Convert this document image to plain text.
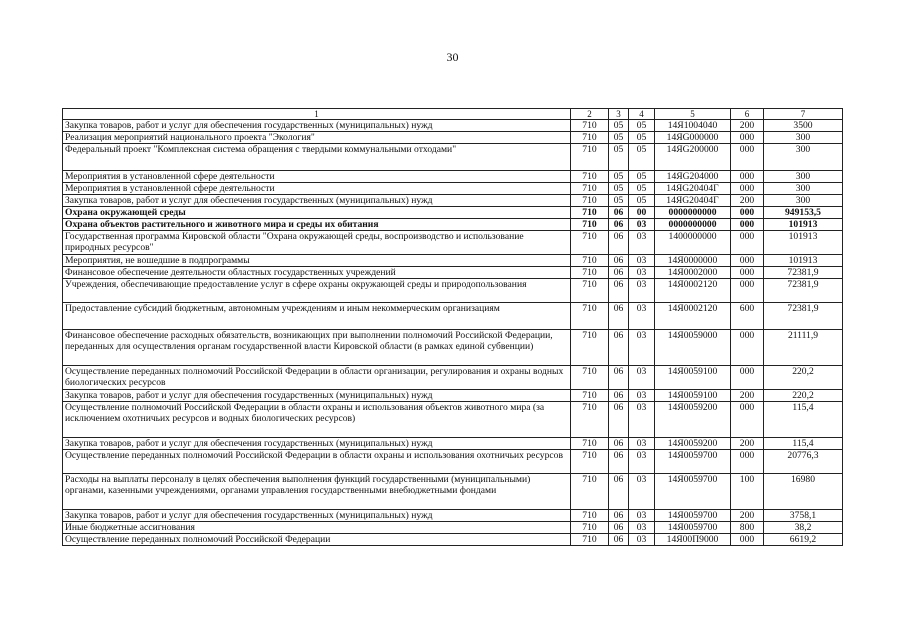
30
1	2	3	4	5	6	7
Закупка товаров, работ и услуг для обеспечения государственных (муниципальных) нужд	710	05	05	14Я1004040	200	3500
Реализация мероприятий национального проекта "Экология"	710	05	05	14ЯG000000	000	300
Федеральный проект "Комплексная система обращения с твердыми коммунальными отходами"	710	05	05	14ЯG200000	000	300
Мероприятия в установленной сфере деятельности	710	05	05	14ЯG204000	000	300
Мероприятия в установленной сфере деятельности	710	05	05	14ЯG20404Г	000	300
Закупка товаров, работ и услуг для обеспечения государственных (муниципальных) нужд	710	05	05	14ЯG20404Г	200	300
Охрана окружающей среды	710	06	00	0000000000	000	949153,5
Охрана объектов растительного и животного мира и среды их обитания	710	06	03	0000000000	000	101913
Государственная программа Кировской области "Охрана окружающей среды, воспроизводство и использование природных ресурсов"	710	06	03	1400000000	000	101913
Мероприятия, не вошедшие в подпрограммы	710	06	03	14Я0000000	000	101913
Финансовое обеспечение деятельности областных государственных учреждений	710	06	03	14Я0002000	000	72381,9
Учреждения, обеспечивающие предоставление услуг в сфере охраны окружающей среды и природопользования	710	06	03	14Я0002120	000	72381,9
Предоставление субсидий бюджетным, автономным учреждениям и иным некоммерческим организациям	710	06	03	14Я0002120	600	72381,9
Финансовое обеспечение расходных обязательств, возникающих при выполнении полномочий Российской Федерации, переданных для осуществления органам государственной власти Кировской области (в рамках единой субвенции)	710	06	03	14Я0059000	000	21111,9
Осуществление переданных полномочий Российской Федерации в области организации, регулирования и охраны водных биологических ресурсов	710	06	03	14Я0059100	000	220,2
Закупка товаров, работ и услуг для обеспечения государственных (муниципальных) нужд	710	06	03	14Я0059100	200	220,2
Осуществление полномочий Российской Федерации в области охраны и использования объектов животного мира (за исключением охотничьих ресурсов и водных биологических ресурсов)	710	06	03	14Я0059200	000	115,4
Закупка товаров, работ и услуг для обеспечения государственных (муниципальных) нужд	710	06	03	14Я0059200	200	115,4
Осуществление переданных полномочий Российской Федерации в области охраны и использования охотничьих ресурсов	710	06	03	14Я0059700	000	20776,3
Расходы на выплаты персоналу в целях обеспечения выполнения функций государственными (муниципальными) органами, казенными учреждениями, органами управления государственными внебюджетными фондами	710	06	03	14Я0059700	100	16980
Закупка товаров, работ и услуг для обеспечения государственных (муниципальных) нужд	710	06	03	14Я0059700	200	3758,1
Иные бюджетные ассигнования	710	06	03	14Я0059700	800	38,2
Осуществление переданных полномочий Российской Федерации	710	06	03	14Я00П9000	000	6619,2
